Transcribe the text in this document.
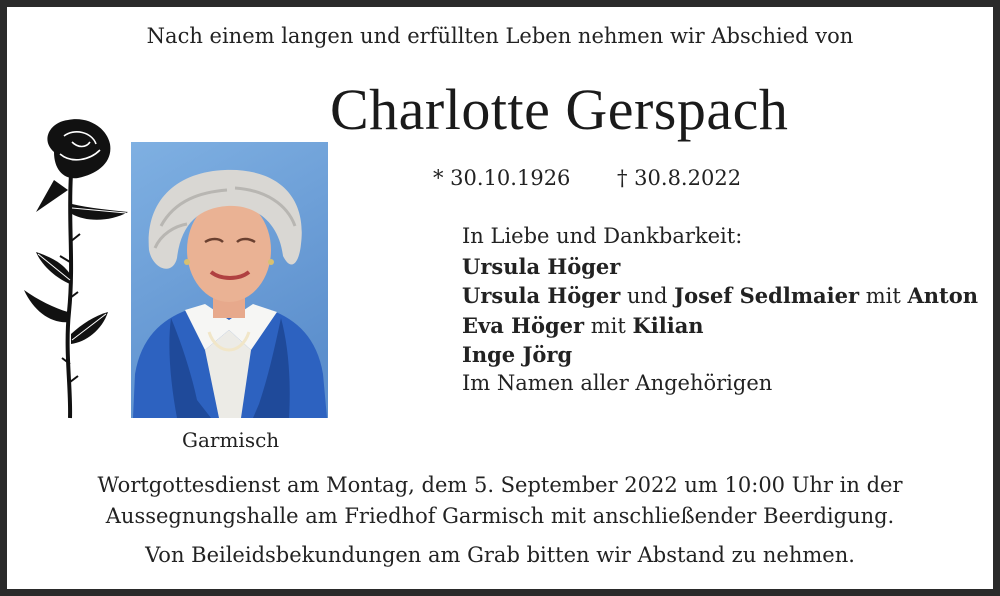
Nach einem langen und erfüllten Leben nehmen wir Abschied von
Charlotte Gerspach
* 30.10.1926 † 30.8.2022
Garmisch
In Liebe und Dankbarkeit:
Ursula Höger
Ursula Höger und Josef Sedlmaier mit Anton
Eva Höger mit Kilian
Inge Jörg
Im Namen aller Angehörigen
Wortgottesdienst am Montag, dem 5. September 2022 um 10:00 Uhr in der
Aussegnungshalle am Friedhof Garmisch mit anschließender Beerdigung.
Von Beileidsbekundungen am Grab bitten wir Abstand zu nehmen.
